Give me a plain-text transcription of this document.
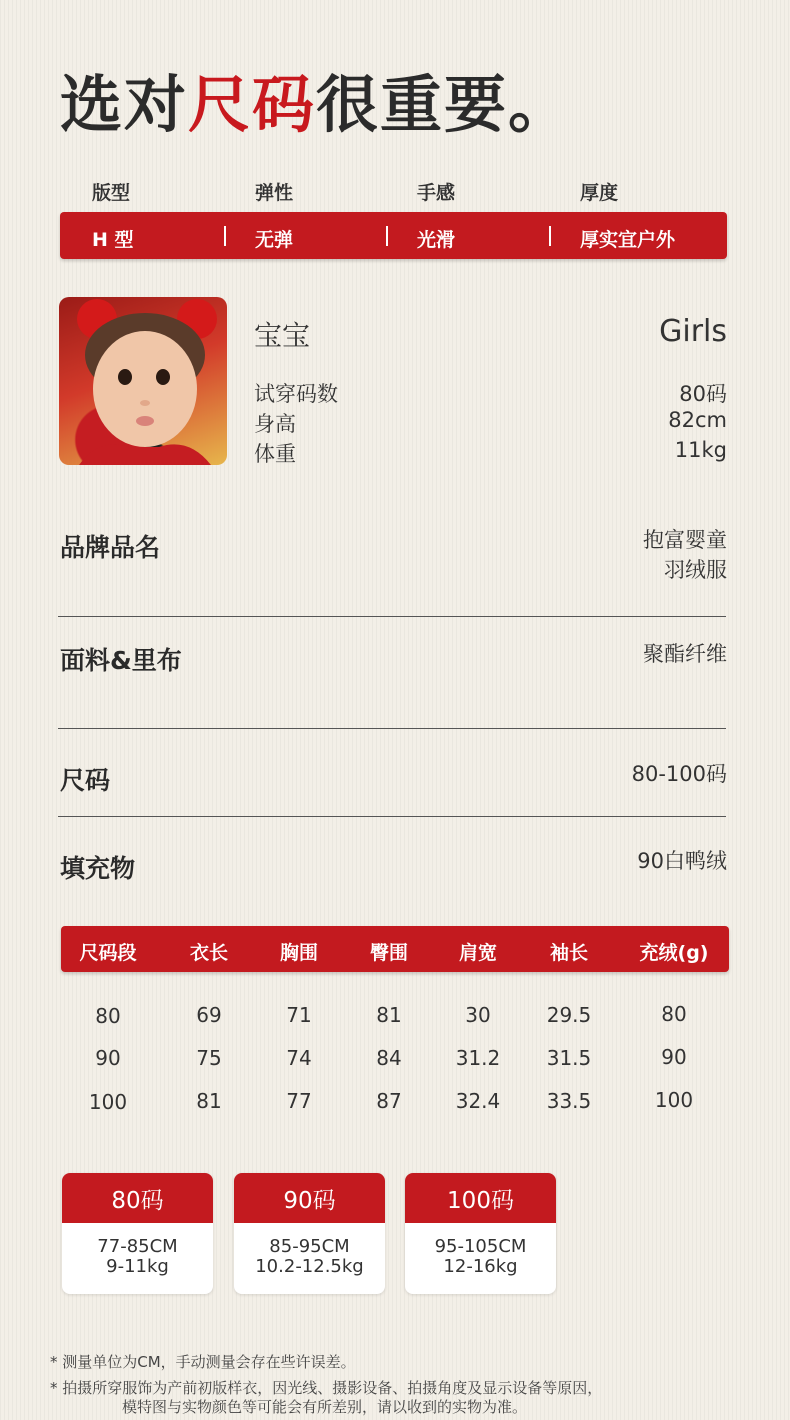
选对尺码很重要。
版型	弹性	手感	厚度
H 型	无弹	光滑	厚实宜户外
宝宝	Girls
试穿码数	80码
身高	82cm
体重	11kg
品牌品名	抱富婴童
羽绒服
面料&里布	聚酯纤维
尺码	80-100码
填充物	90白鸭绒
尺码段	衣长	胸围	臀围	肩宽	袖长	充绒(g)
80	69	71	81	30	29.5	80
90	75	74	84	31.2	31.5	90
100	81	77	87	32.4	33.5	100
80码
77-85CM
9-11kg
90码
85-95CM
10.2-12.5kg
100码
95-105CM
12-16kg
* 测量单位为CM，手动测量会存在些许误差。
* 拍摄所穿服饰为产前初版样衣，因光线、摄影设备、拍摄角度及显示设备等原因，
模特图与实物颜色等可能会有所差别，请以收到的实物为准。
